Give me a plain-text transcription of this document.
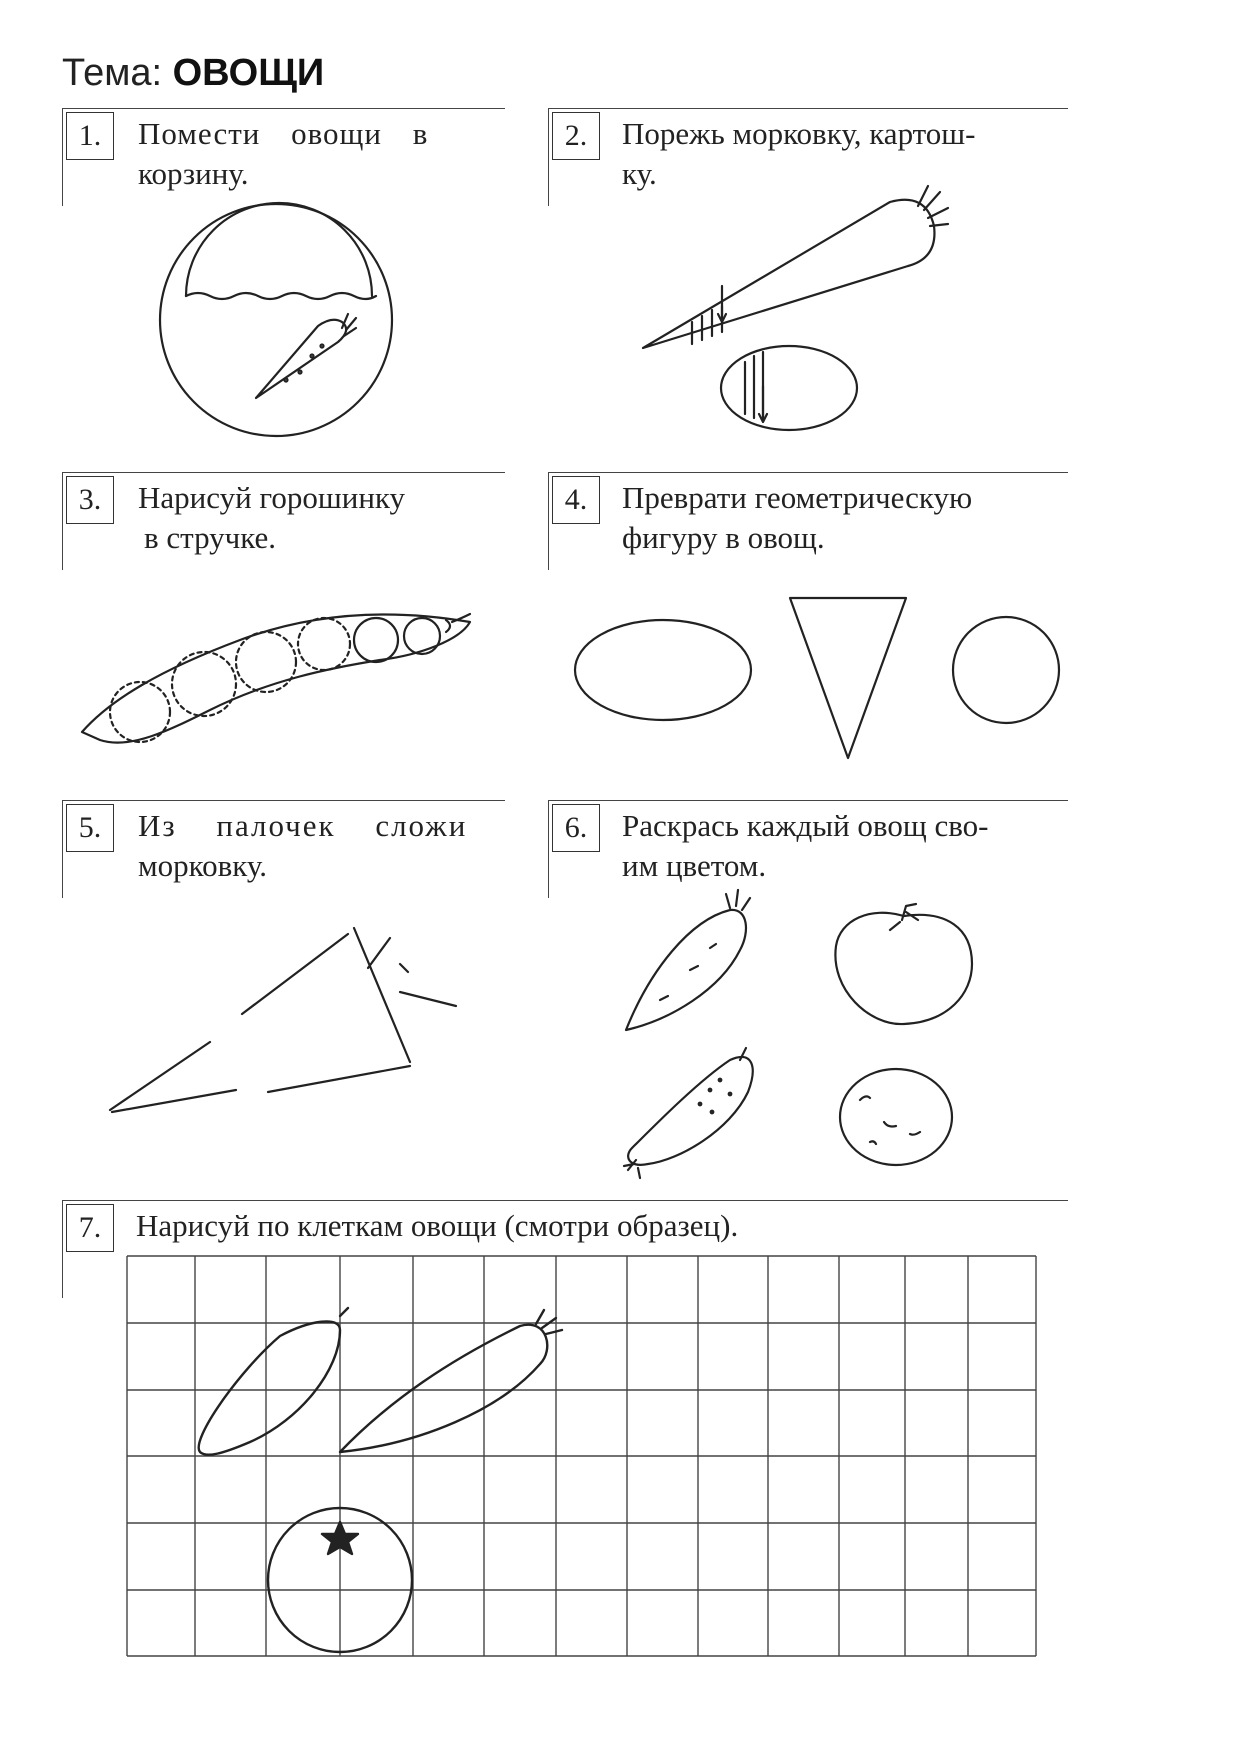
Тема: ОВОЩИ
1.	Помести овощи в
корзину.
2.	Порежь морковку, картош-
ку.
3.	Нарисуй горошинку
в стручке.
4.	Преврати геометрическую
фигуру в овощ.
5.	Из палочек сложи
морковку.
6.	Раскрась каждый овощ сво-
им цветом.
7.	Нарисуй по клеткам овощи (смотри образец).
